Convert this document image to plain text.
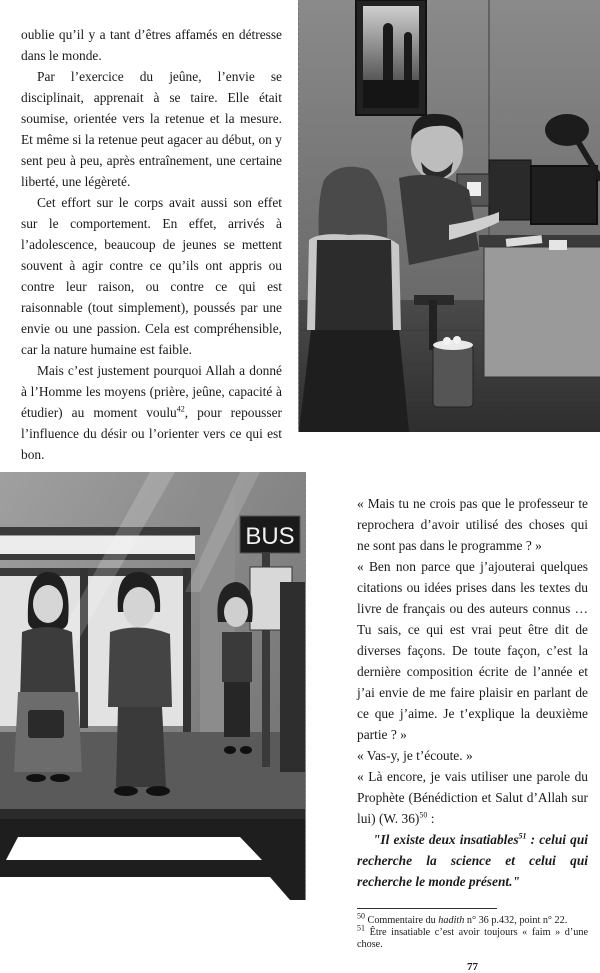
oublie qu’il y a tant d’êtres affamés en détresse dans le monde.

Par l’exercice du jeûne, l’envie se disciplinait, apprenait à se taire. Elle était soumise, orientée vers la retenue et la mesure. Et même si la retenue peut agacer au début, on y sent peu à peu, après entraînement, une certaine liberté, une légèreté.

Cet effort sur le corps avait aussi son effet sur le comportement. En effet, arrivés à l’adolescence, beaucoup de jeunes se mettent souvent à agir contre ce qu’ils ont appris ou contre leur raison, ou contre ce qui est raisonnable (tout simplement), poussés par une envie ou une passion. Cela est compréhensible, car la nature humaine est faible.

Mais c’est justement pourquoi Allah a donné à l’Homme les moyens (prière, jeûne, capacité à étudier) au moment voulu$^{42}$, pour repousser l’influence du désir ou l’orienter vers ce qui est bon.

BUS

« Mais tu ne crois pas que le professeur te reprochera d’avoir utilisé des choses qui ne sont pas dans le programme ? »

« Ben non parce que j’ajouterai quelques citations ou idées prises dans les textes du livre de français ou des auteurs connus … Tu sais, ce qui est vrai peut être dit de diverses façons. De toute façon, c’est la dernière composition écrite de l’année et j’ai envie de me faire plaisir en parlant de ce que j’aime. Je t’explique la deuxième partie ? »

« Vas-y, je t’écoute. »

« Là encore, je vais utiliser une parole du Prophète (Bénédiction et Salut d’Allah sur lui) (W. 36)$^{50}$ :

"Il existe deux insatiables$^{51}$ : celui qui recherche la science et celui qui recherche le monde présent."

$^{50}$ Commentaire du hadith n° 36 p.432, point n° 22.

$^{51}$ Être insatiable c’est avoir toujours « faim » d’une chose.

77
